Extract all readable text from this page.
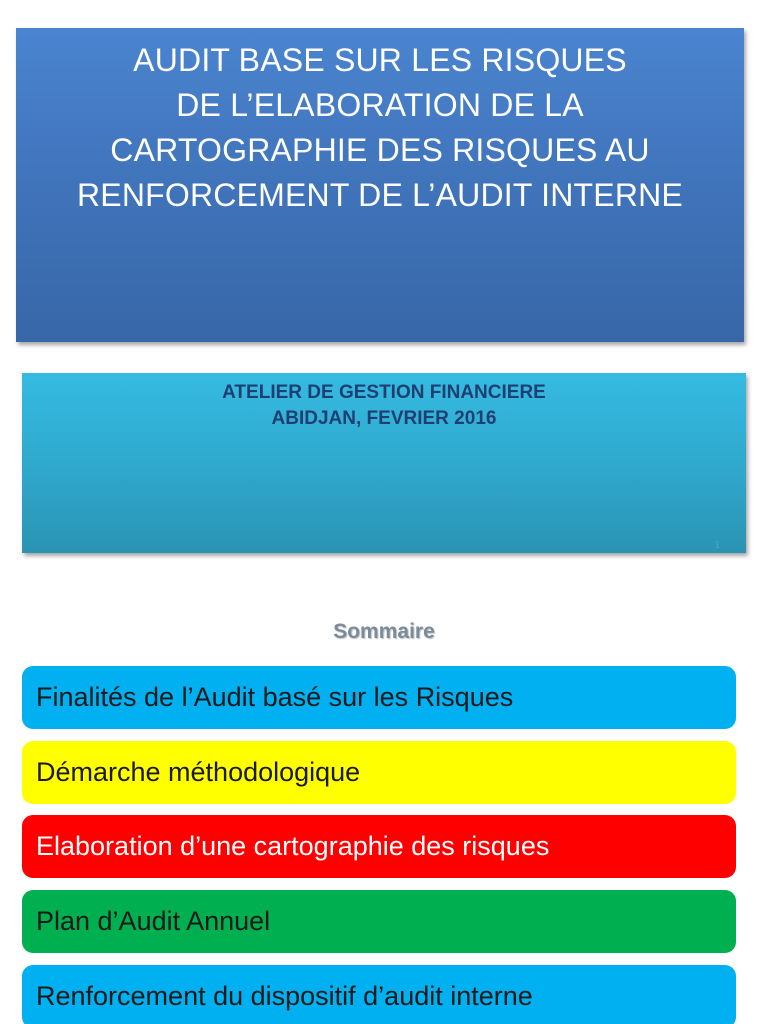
AUDIT BASE SUR LES RISQUES
DE L’ELABORATION DE LA
CARTOGRAPHIE DES RISQUES AU
RENFORCEMENT DE L’AUDIT INTERNE
ATELIER DE GESTION FINANCIERE
ABIDJAN, FEVRIER 2016
1
Sommaire
Finalités de l’Audit basé sur les Risques
Démarche méthodologique
Elaboration d’une cartographie des risques
Plan d’Audit Annuel
Renforcement du dispositif d’audit interne
